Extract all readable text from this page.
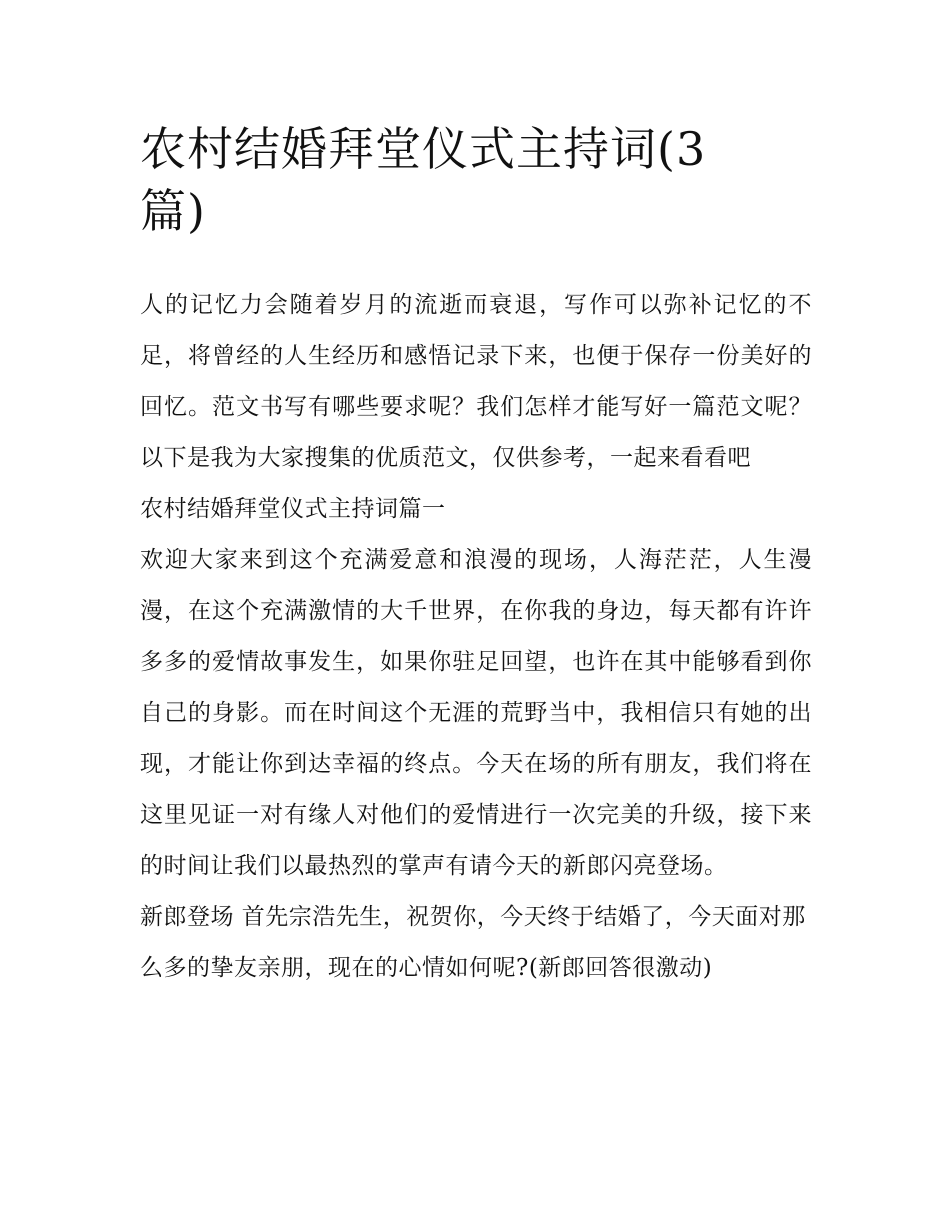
农村结婚拜堂仪式主持词(3篇)

人的记忆力会随着岁月的流逝而衰退，写作可以弥补记忆的不足，将曾经的人生经历和感悟记录下来，也便于保存一份美好的回忆。范文书写有哪些要求呢？我们怎样才能写好一篇范文呢？以下是我为大家搜集的优质范文，仅供参考，一起来看看吧

农村结婚拜堂仪式主持词篇一

欢迎大家来到这个充满爱意和浪漫的现场，人海茫茫，人生漫漫，在这个充满激情的大千世界，在你我的身边，每天都有许许多多的爱情故事发生，如果你驻足回望，也许在其中能够看到你自己的身影。而在时间这个无涯的荒野当中，我相信只有她的出现，才能让你到达幸福的终点。今天在场的所有朋友，我们将在这里见证一对有缘人对他们的爱情进行一次完美的升级，接下来的时间让我们以最热烈的掌声有请今天的新郎闪亮登场。

新郎登场 首先宗浩先生，祝贺你，今天终于结婚了，今天面对那么多的挚友亲朋，现在的心情如何呢?(新郎回答很激动)
